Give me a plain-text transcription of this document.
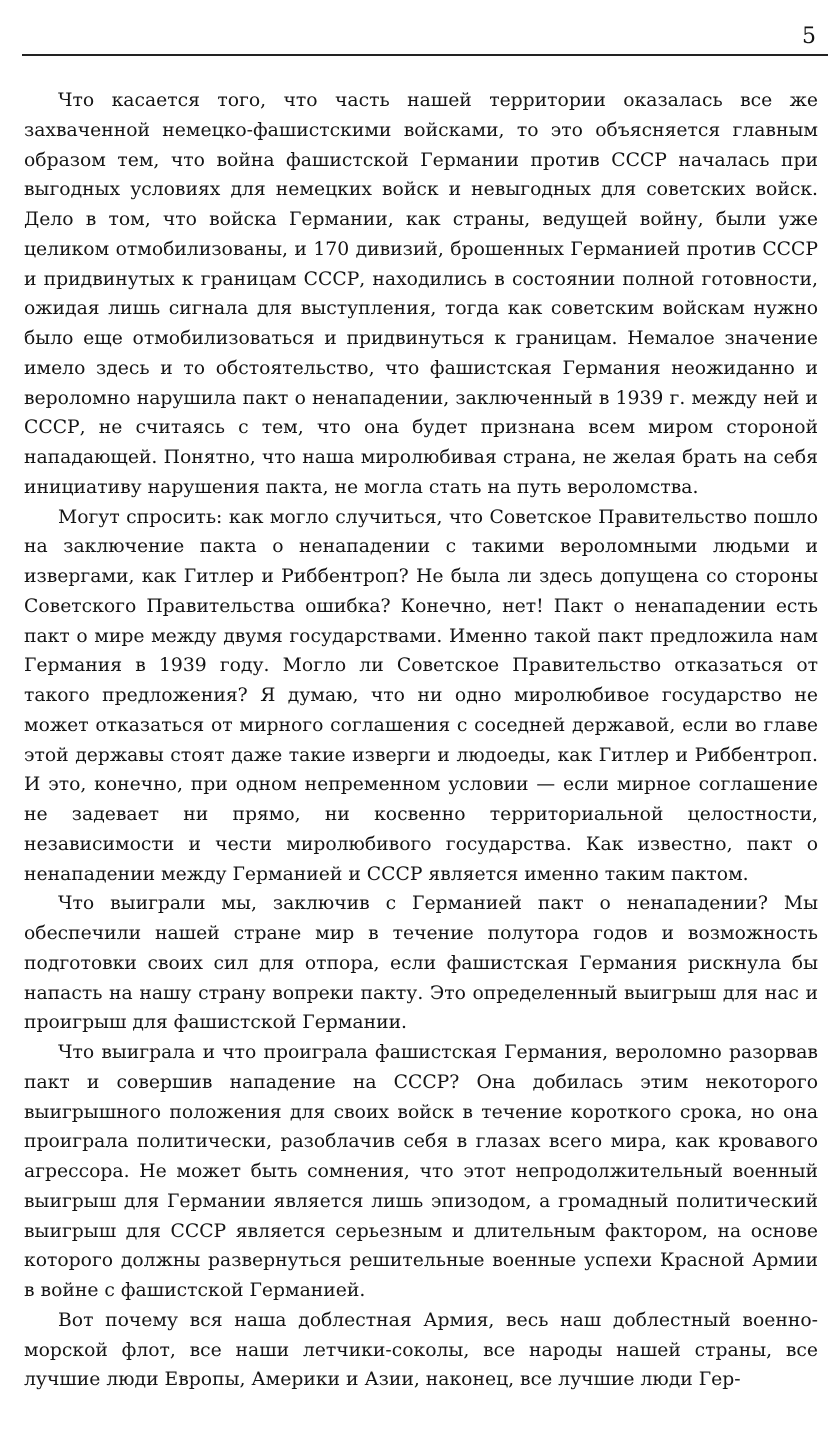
5

Что касается того, что часть нашей территории оказалась все же захваченной немецко-фашистскими войсками, то это объясняется главным образом тем, что война фашистской Германии против СССР началась при выгодных условиях для немецких войск и невыгодных для советских войск. Дело в том, что войска Германии, как страны, ведущей войну, были уже целиком отмобилизованы, и 170 дивизий, брошенных Германией против СССР и придвинутых к границам СССР, находились в состоянии полной готовности, ожидая лишь сигнала для выступления, тогда как советским войскам нужно было еще отмобилизоваться и придвинуться к границам. Немалое значение имело здесь и то обстоятельство, что фашистская Германия неожиданно и вероломно нарушила пакт о ненападении, заключенный в 1939 г. между ней и СССР, не считаясь с тем, что она будет признана всем миром стороной нападающей. Понятно, что наша миролюбивая страна, не желая брать на себя инициативу нарушения пакта, не могла стать на путь вероломства.

Могут спросить: как могло случиться, что Советское Правительство пошло на заключение пакта о ненападении с такими вероломными людьми и извергами, как Гитлер и Риббентроп? Не была ли здесь допущена со стороны Советского Правительства ошибка? Конечно, нет! Пакт о ненападении есть пакт о мире между двумя государствами. Именно такой пакт предложила нам Германия в 1939 году. Могло ли Советское Правительство отказаться от такого предложения? Я думаю, что ни одно миролюбивое государство не может отказаться от мирного соглашения с соседней державой, если во главе этой державы стоят даже такие изверги и людоеды, как Гитлер и Риббентроп. И это, конечно, при одном непременном условии — если мирное соглашение не задевает ни прямо, ни косвенно территориальной целостности, независимости и чести миролюбивого государства. Как известно, пакт о ненападении между Германией и СССР является именно таким пактом.

Что выиграли мы, заключив с Германией пакт о ненападении? Мы обеспечили нашей стране мир в течение полутора годов и возможность подготовки своих сил для отпора, если фашистская Германия рискнула бы напасть на нашу страну вопреки пакту. Это определенный выигрыш для нас и проигрыш для фашистской Германии.

Что выиграла и что проиграла фашистская Германия, вероломно разорвав пакт и совершив нападение на СССР? Она добилась этим некоторого выигрышного положения для своих войск в течение короткого срока, но она проиграла политически, разоблачив себя в глазах всего мира, как кровавого агрессора. Не может быть сомнения, что этот непродолжительный военный выигрыш для Германии является лишь эпизодом, а громадный политический выигрыш для СССР является серьезным и длительным фактором, на основе которого должны развернуться решительные военные успехи Красной Армии в войне с фашистской Германией.

Вот почему вся наша доблестная Армия, весь наш доблестный военно-морской флот, все наши летчики-соколы, все народы нашей страны, все лучшие люди Европы, Америки и Азии, наконец, все лучшие люди Гер-
